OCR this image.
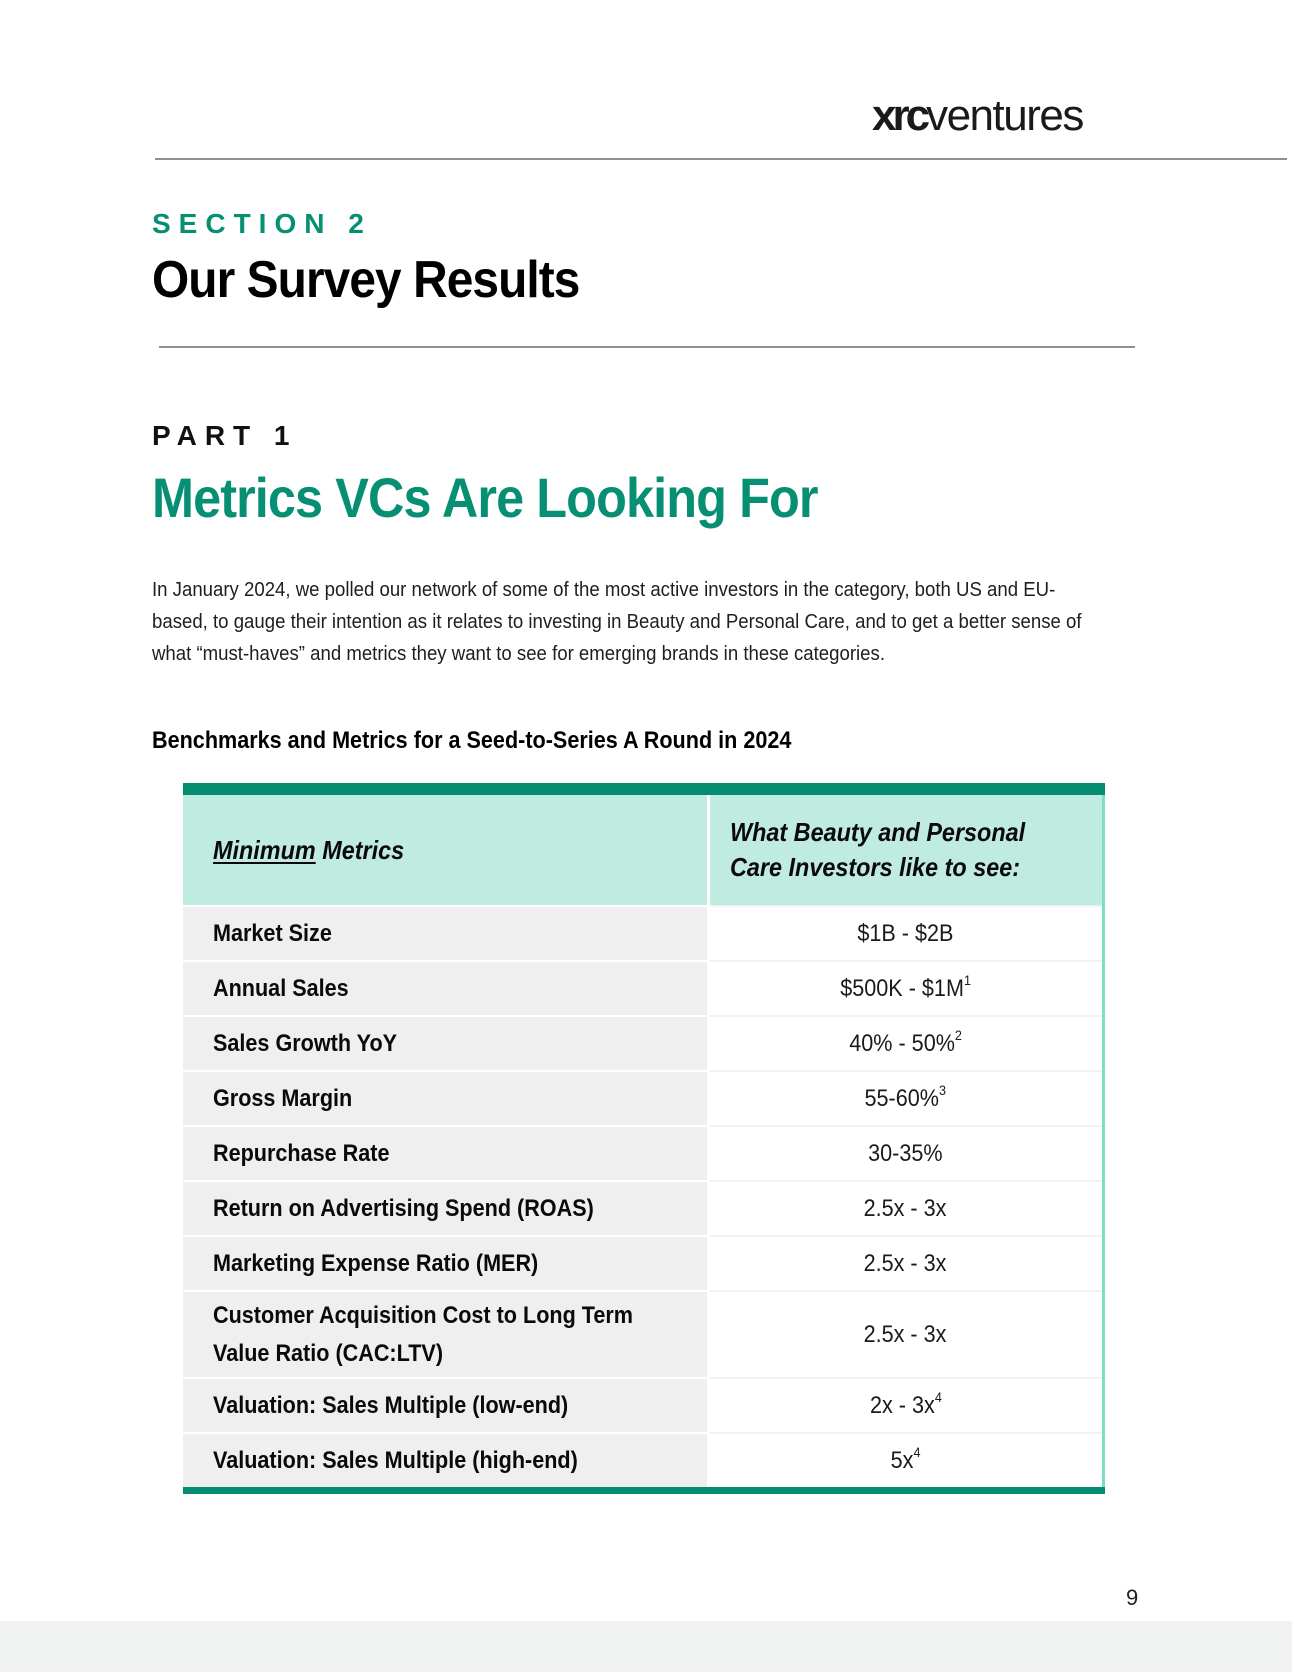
xrcventures
SECTION 2
Our Survey Results
PART 1
Metrics VCs Are Looking For

In January 2024, we polled our network of some of the most active investors in the category, both US and EU-based, to gauge their intention as it relates to investing in Beauty and Personal Care, and to get a better sense of what “must-haves” and metrics they want to see for emerging brands in these categories.

Benchmarks and Metrics for a Seed-to-Series A Round in 2024
Minimum Metrics	What Beauty and Personal Care Investors like to see:
Market Size	$1B - $2B
Annual Sales	$500K - $\$1M^1$
Sales Growth YoY	40% - 50%$^2$
Gross Margin	55-60%$^3$
Repurchase Rate	30-35%
Return on Advertising Spend (ROAS)	2.5x - 3x
Marketing Expense Ratio (MER)	2.5x - 3x
Customer Acquisition Cost to Long Term
Value Ratio (CAC:LTV)	2.5x - 3x
Valuation: Sales Multiple (low-end)	$2x - 3x^4$
Valuation: Sales Multiple (high-end)	$5x^4$
9
